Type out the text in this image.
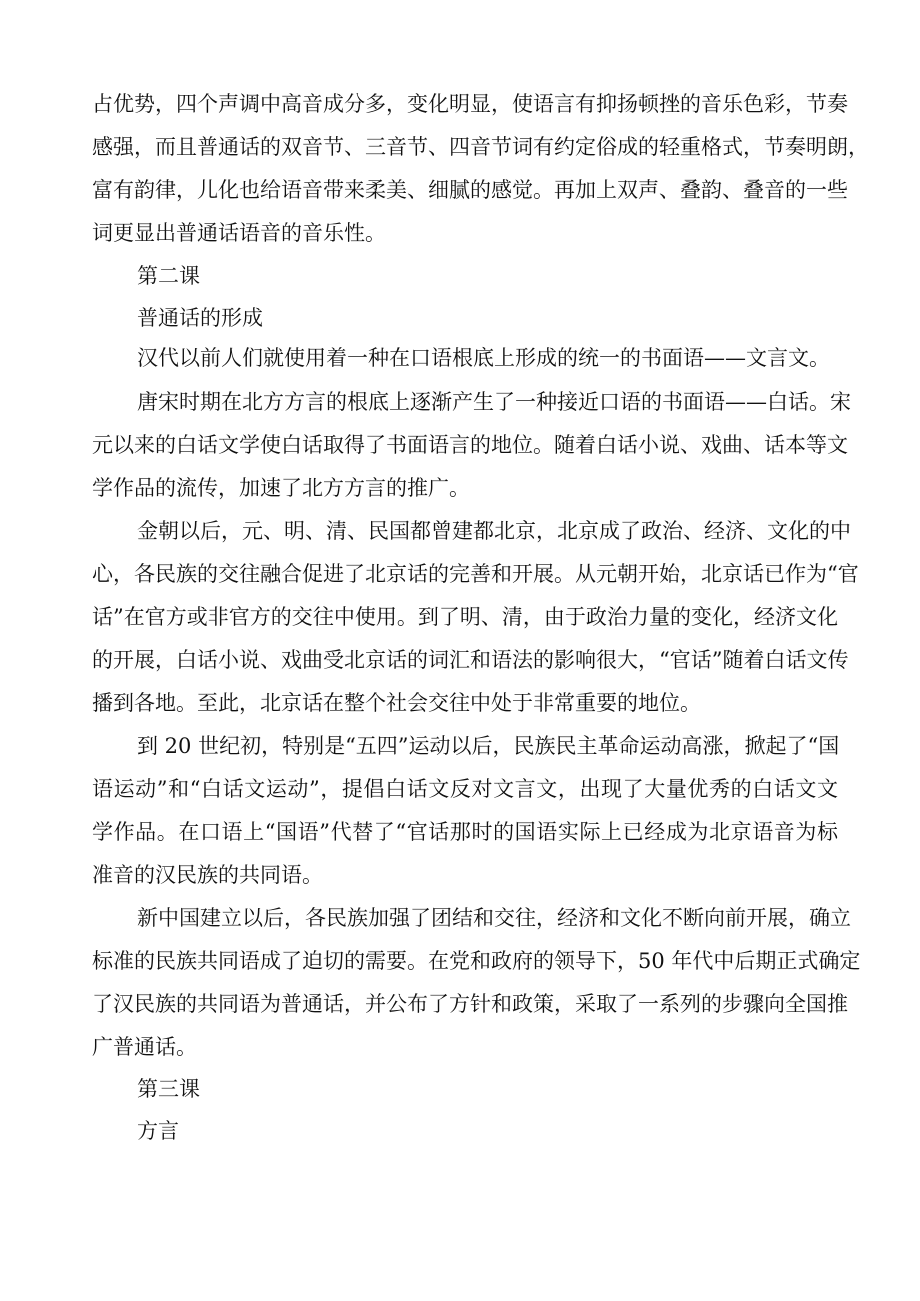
占优势，四个声调中高音成分多，变化明显，使语言有抑扬顿挫的音乐色彩，节奏
感强，而且普通话的双音节、三音节、四音节词有约定俗成的轻重格式，节奏明朗，
富有韵律，儿化也给语音带来柔美、细腻的感觉。再加上双声、叠韵、叠音的一些
词更显出普通话语音的音乐性。
第二课
普通话的形成
汉代以前人们就使用着一种在口语根底上形成的统一的书面语——文言文。
唐宋时期在北方方言的根底上逐渐产生了一种接近口语的书面语——白话。宋
元以来的白话文学使白话取得了书面语言的地位。随着白话小说、戏曲、话本等文
学作品的流传，加速了北方方言的推广。
金朝以后，元、明、清、民国都曾建都北京，北京成了政治、经济、文化的中
心，各民族的交往融合促进了北京话的完善和开展。从元朝开始，北京话已作为“官
话”在官方或非官方的交往中使用。到了明、清，由于政治力量的变化，经济文化
的开展，白话小说、戏曲受北京话的词汇和语法的影响很大，“官话”随着白话文传
播到各地。至此，北京话在整个社会交往中处于非常重要的地位。
到 20 世纪初，特别是“五四”运动以后，民族民主革命运动高涨，掀起了“国
语运动”和“白话文运动”，提倡白话文反对文言文，出现了大量优秀的白话文文
学作品。在口语上“国语”代替了“官话那时的国语实际上已经成为北京语音为标
准音的汉民族的共同语。
新中国建立以后，各民族加强了团结和交往，经济和文化不断向前开展，确立
标准的民族共同语成了迫切的需要。在党和政府的领导下，50 年代中后期正式确定
了汉民族的共同语为普通话，并公布了方针和政策，采取了一系列的步骤向全国推
广普通话。
第三课
方言
